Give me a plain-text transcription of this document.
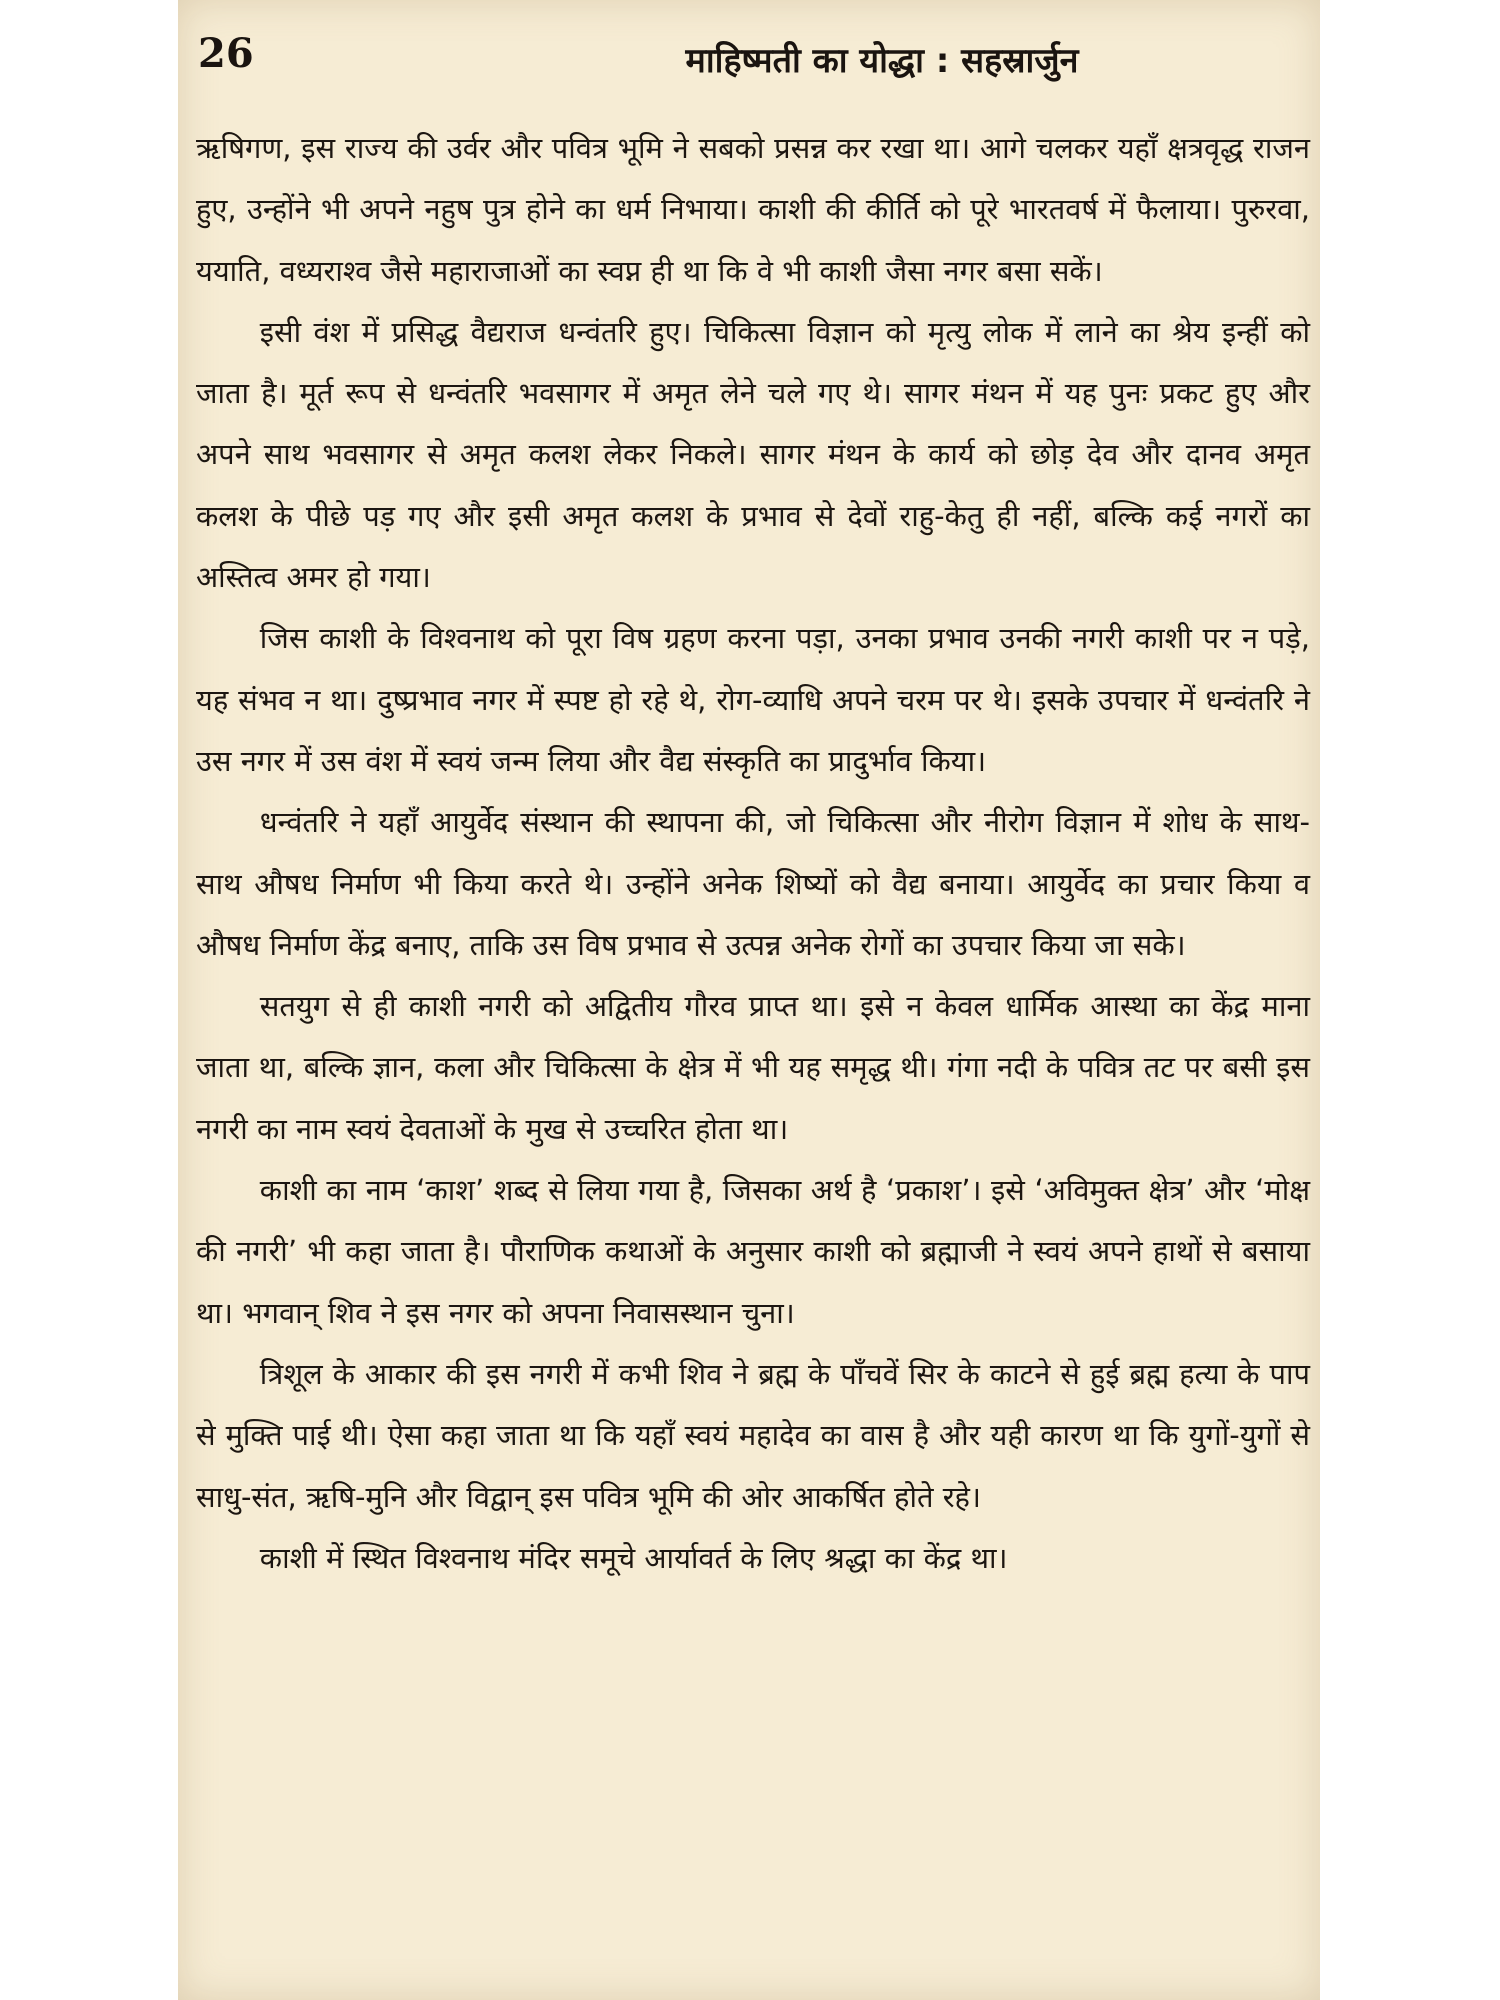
26	माहिष्मती का योद्धा : सहस्रार्जुन

ऋषिगण, इस राज्य की उर्वर और पवित्र भूमि ने सबको प्रसन्न कर रखा था। आगे चलकर यहाँ क्षत्रवृद्ध राजन हुए, उन्होंने भी अपने नहुष पुत्र होने का धर्म निभाया। काशी की कीर्ति को पूरे भारतवर्ष में फैलाया। पुरुरवा, ययाति, वध्यराश्व जैसे महाराजाओं का स्वप्न ही था कि वे भी काशी जैसा नगर बसा सकें।

इसी वंश में प्रसिद्ध वैद्यराज धन्वंतरि हुए। चिकित्सा विज्ञान को मृत्यु लोक में लाने का श्रेय इन्हीं को जाता है। मूर्त रूप से धन्वंतरि भवसागर में अमृत लेने चले गए थे। सागर मंथन में यह पुनः प्रकट हुए और अपने साथ भवसागर से अमृत कलश लेकर निकले। सागर मंथन के कार्य को छोड़ देव और दानव अमृत कलश के पीछे पड़ गए और इसी अमृत कलश के प्रभाव से देवों राहु-केतु ही नहीं, बल्कि कई नगरों का अस्तित्व अमर हो गया।

जिस काशी के विश्वनाथ को पूरा विष ग्रहण करना पड़ा, उनका प्रभाव उनकी नगरी काशी पर न पड़े, यह संभव न था। दुष्प्रभाव नगर में स्पष्ट हो रहे थे, रोग-व्याधि अपने चरम पर थे। इसके उपचार में धन्वंतरि ने उस नगर में उस वंश में स्वयं जन्म लिया और वैद्य संस्कृति का प्रादुर्भाव किया।

धन्वंतरि ने यहाँ आयुर्वेद संस्थान की स्थापना की, जो चिकित्सा और नीरोग विज्ञान में शोध के साथ-साथ औषध निर्माण भी किया करते थे। उन्होंने अनेक शिष्यों को वैद्य बनाया। आयुर्वेद का प्रचार किया व औषध निर्माण केंद्र बनाए, ताकि उस विष प्रभाव से उत्पन्न अनेक रोगों का उपचार किया जा सके।

सतयुग से ही काशी नगरी को अद्वितीय गौरव प्राप्त था। इसे न केवल धार्मिक आस्था का केंद्र माना जाता था, बल्कि ज्ञान, कला और चिकित्सा के क्षेत्र में भी यह समृद्ध थी। गंगा नदी के पवित्र तट पर बसी इस नगरी का नाम स्वयं देवताओं के मुख से उच्चरित होता था।

काशी का नाम ‘काश’ शब्द से लिया गया है, जिसका अर्थ है ‘प्रकाश’। इसे ‘अविमुक्त क्षेत्र’ और ‘मोक्ष की नगरी’ भी कहा जाता है। पौराणिक कथाओं के अनुसार काशी को ब्रह्माजी ने स्वयं अपने हाथों से बसाया था। भगवान् शिव ने इस नगर को अपना निवासस्थान चुना।

त्रिशूल के आकार की इस नगरी में कभी शिव ने ब्रह्म के पाँचवें सिर के काटने से हुई ब्रह्म हत्या के पाप से मुक्ति पाई थी। ऐसा कहा जाता था कि यहाँ स्वयं महादेव का वास है और यही कारण था कि युगों-युगों से साधु-संत, ऋषि-मुनि और विद्वान् इस पवित्र भूमि की ओर आकर्षित होते रहे।

काशी में स्थित विश्वनाथ मंदिर समूचे आर्यावर्त के लिए श्रद्धा का केंद्र था।
